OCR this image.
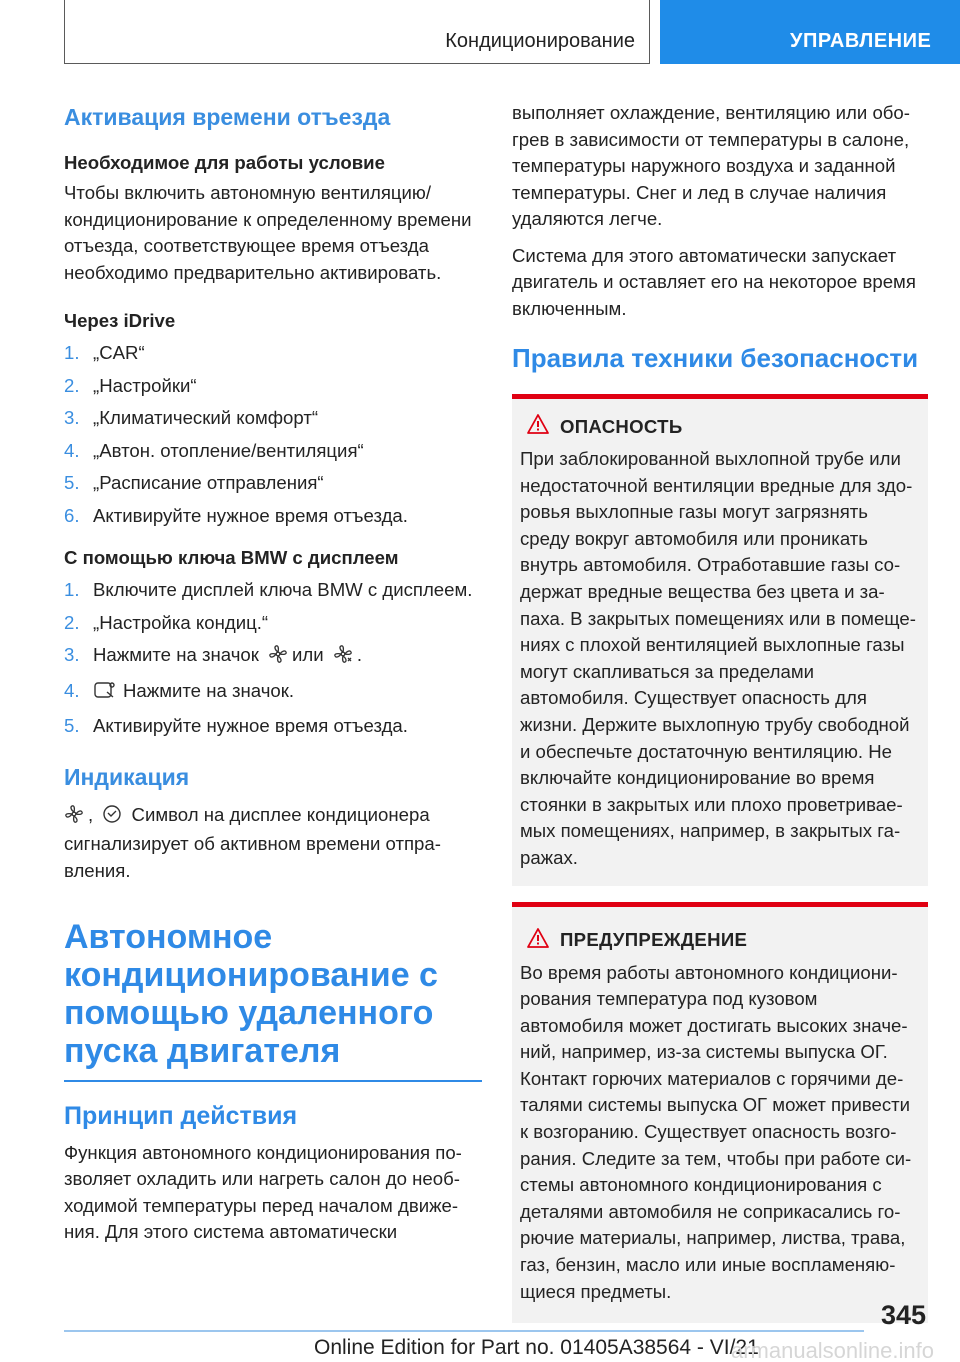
Кондиционирование	УПРАВЛЕНИЕ
Активация времени отъезда
Необходимое для работы условие

Чтобы включить автономную вентиляцию/ кондиционирование к определенному времени отъезда, соответствующее время отъезда необходимо предварительно активировать.

Через iDrive
1. „CAR“
2. „Настройки“
3. „Климатический комфорт“
4. „Автон. отопление/вентиляция“
5. „Расписание отправления“
6. Активируйте нужное время отъезда.
С помощью ключа BMW с дисплеем
1. Включите дисплей ключа BMW с дисплеем.
2. „Настройка кондиц.“
3. Нажмите на значок или .
4. Нажмите на значок.
5. Активируйте нужное время отъезда.
Индикация

, Символ на дисплее кондиционера сигнализирует об активном времени отправления.

Автономное
кондиционирование с
помощью удаленного
пуска двигателя
Принцип действия

Функция автономного кондиционирования позволяет охладить или нагреть салон до необходимой температуры перед началом движения. Для этого система автоматически

выполняет охлаждение, вентиляцию или обогрев в зависимости от температуры в салоне, температуры наружного воздуха и заданной температуры. Снег и лед в случае наличия удаляются легче.

Система для этого автоматически запускает двигатель и оставляет его на некоторое время включенным.

Правила техники безопасности
ОПАСНОСТЬ

При заблокированной выхлопной трубе или недостаточной вентиляции вредные для здоровья выхлопные газы могут загрязнять среду вокруг автомобиля или проникать внутрь автомобиля. Отработавшие газы содержат вредные вещества без цвета и запаха. В закрытых помещениях или в помещениях с плохой вентиляцией выхлопные газы могут скапливаться за пределами автомобиля. Существует опасность для жизни. Держите выхлопную трубу свободной и обеспечьте достаточную вентиляцию. Не включайте кондиционирование во время стоянки в закрытых или плохо проветриваемых помещениях, например, в закрытых гаражах.

ПРЕДУПРЕЖДЕНИЕ

Во время работы автономного кондиционирования температура под кузовом автомобиля может достигать высоких значений, например, из-за системы выпуска ОГ. Контакт горючих материалов с горячими деталями системы выпуска ОГ может привести к возгоранию. Существует опасность возгорания. Следите за тем, чтобы при работе системы автономного кондиционирования с деталями автомобиля не соприкасались горючие материалы, например, листва, трава, газ, бензин, масло или иные воспламеняющиеся предметы.

345
Online Edition for Part no. 01405A38564 - VI/21
armanualsonline.info
